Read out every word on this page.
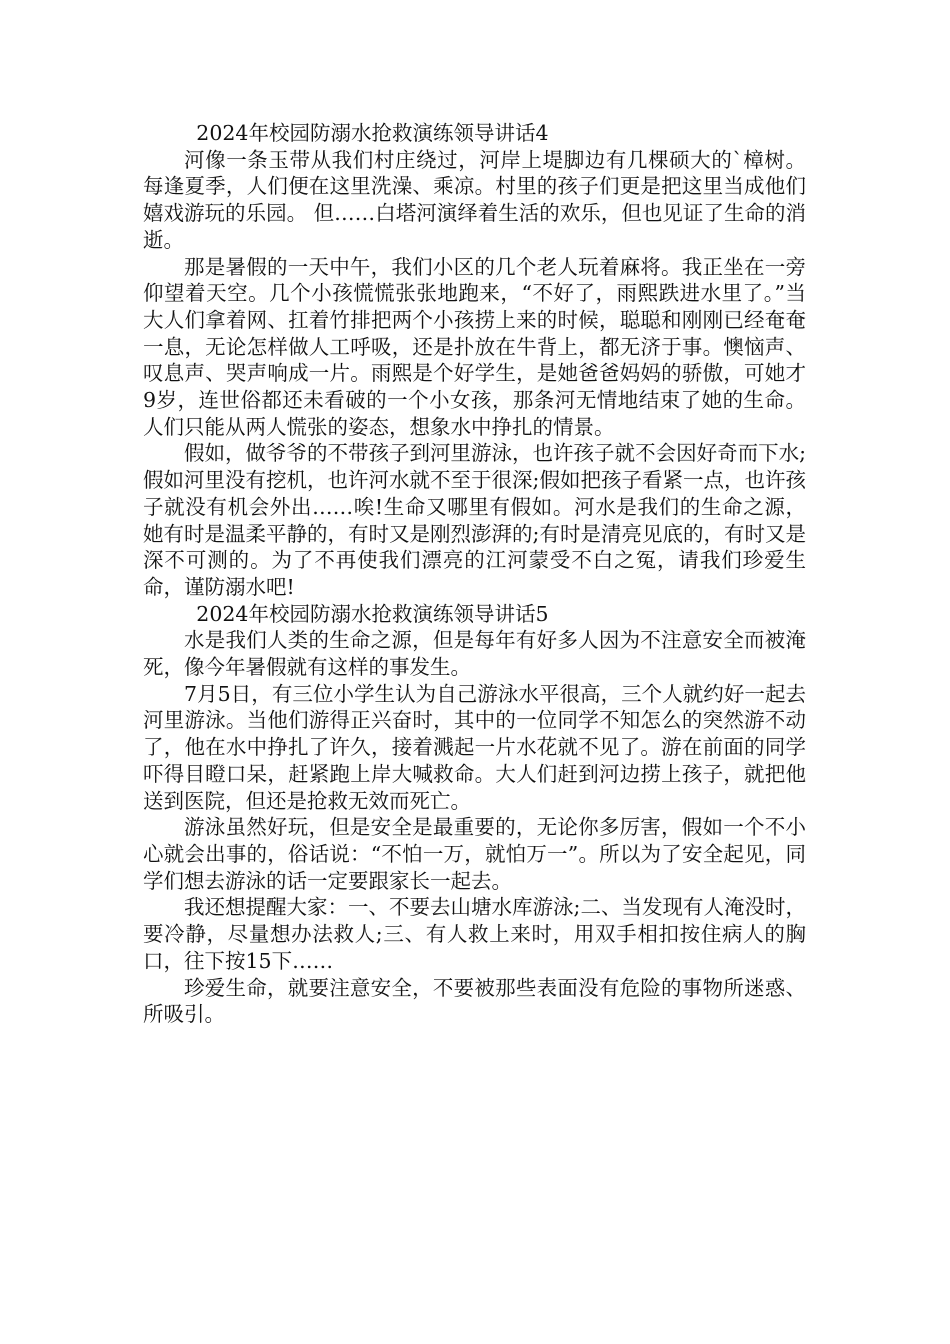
2024年校园防溺水抢救演练领导讲话4

河像一条玉带从我们村庄绕过，河岸上堤脚边有几棵硕大的`樟树。每逢夏季，人们便在这里洗澡、乘凉。村里的孩子们更是把这里当成他们嬉戏游玩的乐园。 但……白塔河演绎着生活的欢乐，但也见证了生命的消逝。

那是暑假的一天中午，我们小区的几个老人玩着麻将。我正坐在一旁仰望着天空。几个小孩慌慌张张地跑来，“不好了，雨熙跌进水里了。”当大人们拿着网、扛着竹排把两个小孩捞上来的时候，聪聪和刚刚已经奄奄一息，无论怎样做人工呼吸，还是扑放在牛背上，都无济于事。懊恼声、叹息声、哭声响成一片。雨熙是个好学生，是她爸爸妈妈的骄傲，可她才9岁，连世俗都还未看破的一个小女孩，那条河无情地结束了她的生命。人们只能从两人慌张的姿态，想象水中挣扎的情景。

假如，做爷爷的不带孩子到河里游泳，也许孩子就不会因好奇而下水;假如河里没有挖机，也许河水就不至于很深;假如把孩子看紧一点，也许孩子就没有机会外出……唉!生命又哪里有假如。河水是我们的生命之源，她有时是温柔平静的，有时又是刚烈澎湃的;有时是清亮见底的，有时又是深不可测的。为了不再使我们漂亮的江河蒙受不白之冤，请我们珍爱生命，谨防溺水吧!

2024年校园防溺水抢救演练领导讲话5

水是我们人类的生命之源，但是每年有好多人因为不注意安全而被淹死，像今年暑假就有这样的事发生。

7月5日，有三位小学生认为自己游泳水平很高，三个人就约好一起去河里游泳。当他们游得正兴奋时，其中的一位同学不知怎么的突然游不动了，他在水中挣扎了许久，接着溅起一片水花就不见了。游在前面的同学吓得目瞪口呆，赶紧跑上岸大喊救命。大人们赶到河边捞上孩子，就把他送到医院，但还是抢救无效而死亡。

游泳虽然好玩，但是安全是最重要的，无论你多厉害，假如一个不小心就会出事的，俗话说：“不怕一万，就怕万一”。所以为了安全起见，同学们想去游泳的话一定要跟家长一起去。

我还想提醒大家：一、不要去山塘水库游泳;二、当发现有人淹没时，要冷静，尽量想办法救人;三、有人救上来时，用双手相扣按住病人的胸口，往下按15下……

珍爱生命，就要注意安全，不要被那些表面没有危险的事物所迷惑、所吸引。
